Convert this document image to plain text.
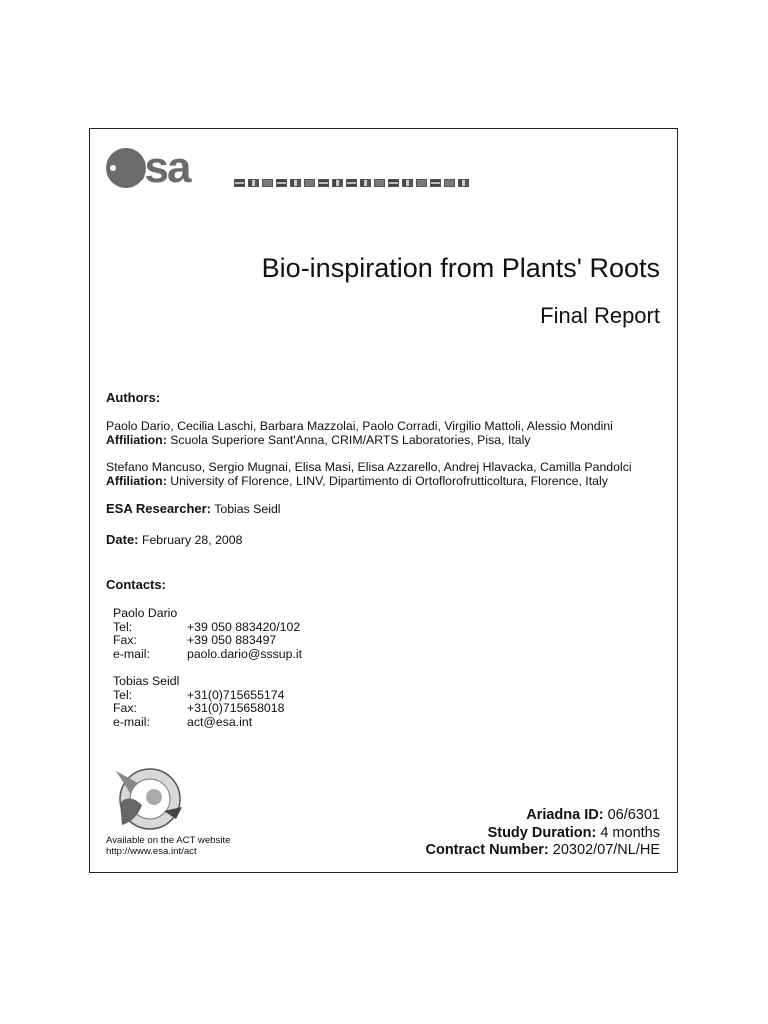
esa
Bio-inspiration from Plants' Roots
Final Report
Authors:
Paolo Dario, Cecilia Laschi, Barbara Mazzolai, Paolo Corradi, Virgilio Mattoli, Alessio Mondini
Affiliation: Scuola Superiore Sant'Anna, CRIM/ARTS Laboratories, Pisa, Italy
Stefano Mancuso, Sergio Mugnai, Elisa Masi, Elisa Azzarello, Andrej Hlavacka, Camilla Pandolci
Affiliation: University of Florence, LINV, Dipartimento di Ortoflorofrutticoltura, Florence, Italy
ESA Researcher: Tobias Seidl
Date: February 28, 2008
Contacts:
Paolo Dario
Tel:	+39 050 883420/102
Fax:	+39 050 883497
e-mail:	paolo.dario@sssup.it
Tobias Seidl
Tel:	+31(0)715655174
Fax:	+31(0)715658018
e-mail:	act@esa.int
Available on the ACT website
http://www.esa.int/act
Ariadna ID: 06/6301
Study Duration: 4 months
Contract Number: 20302/07/NL/HE
